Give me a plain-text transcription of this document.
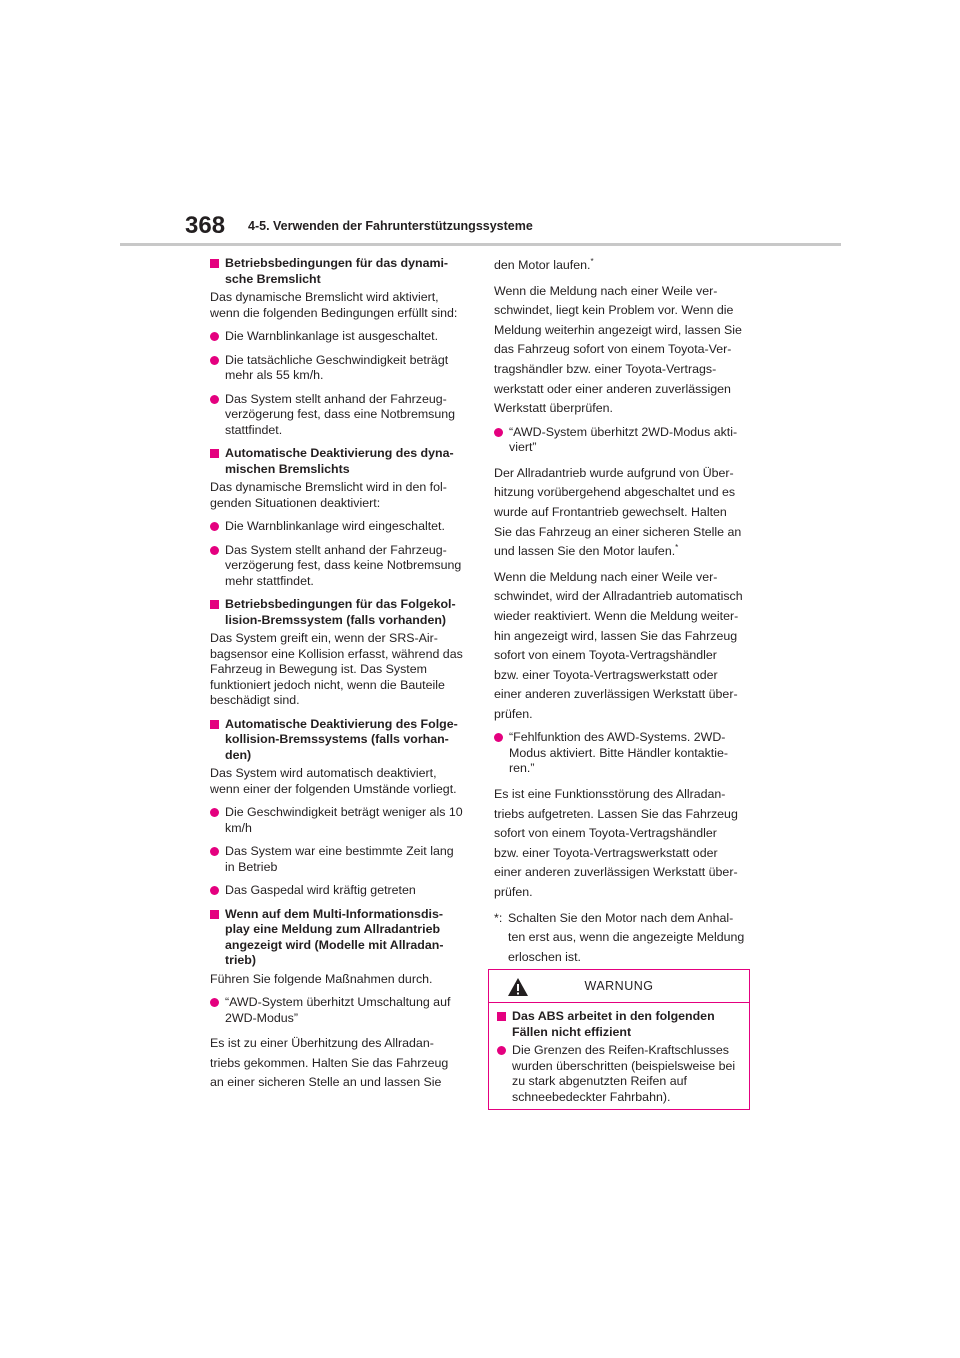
368 4-5. Verwenden der Fahrunterstützungssysteme
Betriebsbedingungen für das dynami-
sche Bremslicht
Das dynamische Bremslicht wird aktiviert, wenn die folgenden Bedingungen erfüllt sind:
Die Warnblinkanlage ist ausgeschaltet.
Die tatsächliche Geschwindigkeit beträgt mehr als 55 km/h.
Das System stellt anhand der Fahrzeug-verzögerung fest, dass eine Notbremsung stattfindet.
Automatische Deaktivierung des dyna-
mischen Bremslichts
Das dynamische Bremslicht wird in den fol-genden Situationen deaktiviert:
Die Warnblinkanlage wird eingeschaltet.
Das System stellt anhand der Fahrzeug-verzögerung fest, dass keine Notbremsung mehr stattfindet.
Betriebsbedingungen für das Folgekol-
lision-Bremssystem (falls vorhanden)
Das System greift ein, wenn der SRS-Air-bagsensor eine Kollision erfasst, während das Fahrzeug in Bewegung ist. Das System funktioniert jedoch nicht, wenn die Bauteile beschädigt sind.
Automatische Deaktivierung des Folge-
kollision-Bremssystems (falls vorhan-
den)
Das System wird automatisch deaktiviert, wenn einer der folgenden Umstände vorliegt.
Die Geschwindigkeit beträgt weniger als 10 km/h
Das System war eine bestimmte Zeit lang in Betrieb
Das Gaspedal wird kräftig getreten
Wenn auf dem Multi-Informationsdis-
play eine Meldung zum Allradantrieb
angezeigt wird (Modelle mit Allradan-
trieb)
Führen Sie folgende Maßnahmen durch.
“AWD-System überhitzt Umschaltung auf 2WD-Modus”
Es ist zu einer Überhitzung des Allradan-
triebs gekommen. Halten Sie das Fahrzeug
an einer sicheren Stelle an und lassen Sie
den Motor laufen.*
Wenn die Meldung nach einer Weile ver-
schwindet, liegt kein Problem vor. Wenn die
Meldung weiterhin angezeigt wird, lassen Sie
das Fahrzeug sofort von einem Toyota-Ver-
tragshändler bzw. einer Toyota-Vertrags-
werkstatt oder einer anderen zuverlässigen
Werkstatt überprüfen.
“AWD-System überhitzt 2WD-Modus akti-
viert”
Der Allradantrieb wurde aufgrund von Über-
hitzung vorübergehend abgeschaltet und es
wurde auf Frontantrieb gewechselt. Halten
Sie das Fahrzeug an einer sicheren Stelle an
und lassen Sie den Motor laufen.*
Wenn die Meldung nach einer Weile ver-
schwindet, wird der Allradantrieb automatisch
wieder reaktiviert. Wenn die Meldung weiter-
hin angezeigt wird, lassen Sie das Fahrzeug
sofort von einem Toyota-Vertragshändler
bzw. einer Toyota-Vertragswerkstatt oder
einer anderen zuverlässigen Werkstatt über-
prüfen.
“Fehlfunktion des AWD-Systems. 2WD-
Modus aktiviert. Bitte Händler kontaktie-
ren.”
Es ist eine Funktionsstörung des Allradan-
triebs aufgetreten. Lassen Sie das Fahrzeug
sofort von einem Toyota-Vertragshändler
bzw. einer Toyota-Vertragswerkstatt oder
einer anderen zuverlässigen Werkstatt über-
prüfen.
*: Schalten Sie den Motor nach dem Anhal-
ten erst aus, wenn die angezeigte Meldung
erloschen ist.
WARNUNG
Das ABS arbeitet in den folgenden Fällen nicht effizient
Die Grenzen des Reifen-Kraftschlusses wurden überschritten (beispielsweise bei zu stark abgenutzten Reifen auf schneebedeckter Fahrbahn).
